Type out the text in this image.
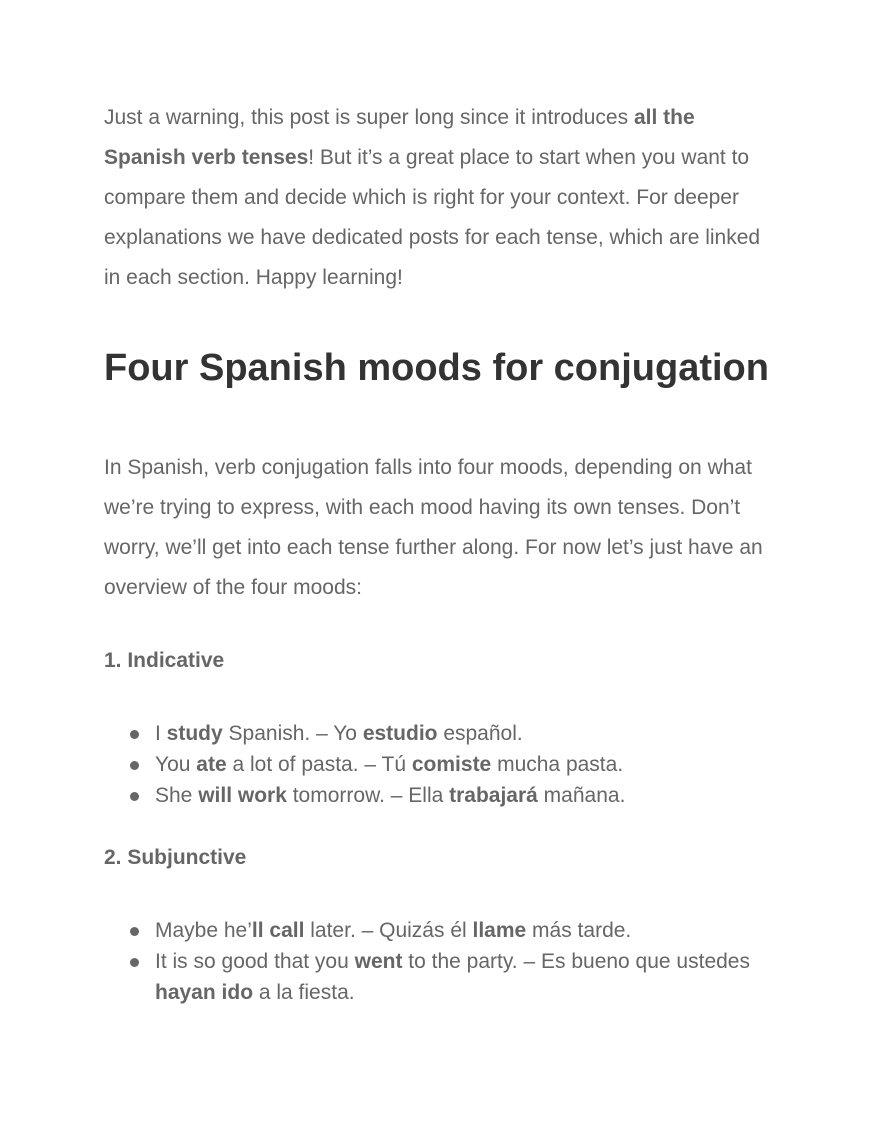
Just a warning, this post is super long since it introduces all the Spanish verb tenses! But it’s a great place to start when you want to compare them and decide which is right for your context. For deeper explanations we have dedicated posts for each tense, which are linked in each section. Happy learning!

Four Spanish moods for conjugation

In Spanish, verb conjugation falls into four moods, depending on what we’re trying to express, with each mood having its own tenses. Don’t worry, we’ll get into each tense further along. For now let’s just have an overview of the four moods:

1. Indicative
I study Spanish. – Yo estudio español.
You ate a lot of pasta. – Tú comiste mucha pasta.
She will work tomorrow. – Ella trabajará mañana.
2. Subjunctive
Maybe he’ll call later. – Quizás él llame más tarde.
It is so good that you went to the party. – Es bueno que ustedes hayan ido a la fiesta.
